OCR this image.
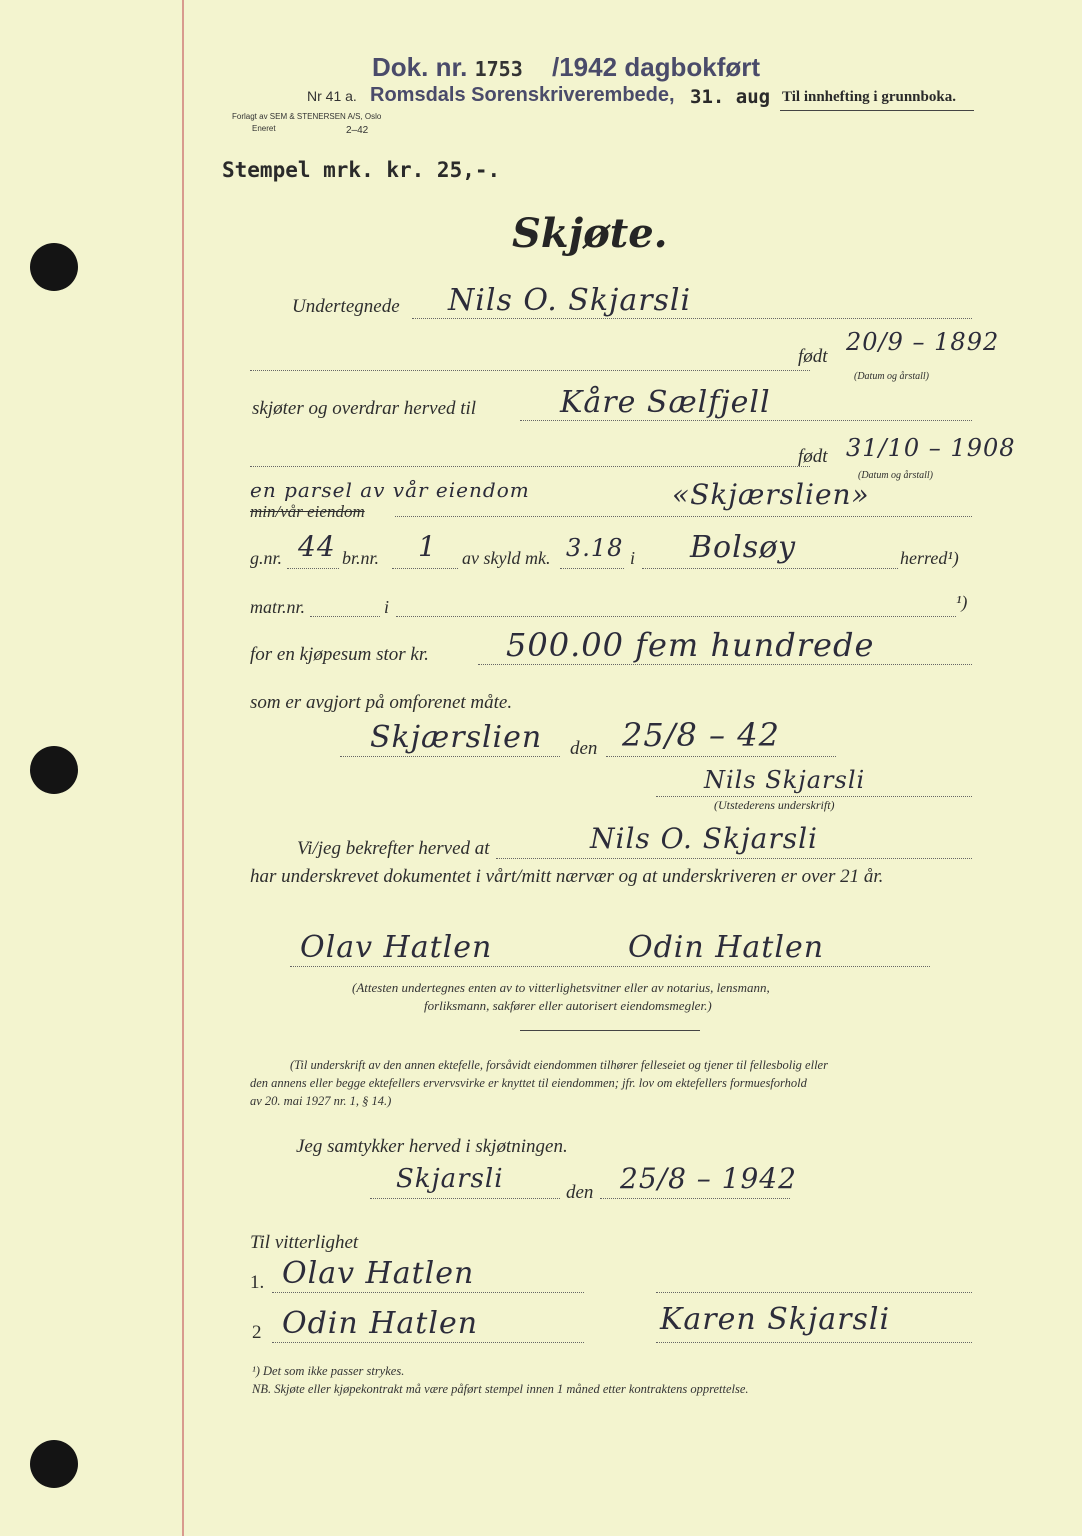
Dok. nr. 1753 /1942 dagbokført
Nr 41 a. Romsdals Sorenskriverembede, 31. aug Til innhefting i grunnboka.
Forlagt av SEM & STENERSEN A/S, Oslo
Eneret	2–42
Stempel mrk. kr. 25,-.
Skjøte.
Undertegnede Nils O. Skjarsli
født
20/9 – 1892
(Datum og årstall)
skjøter og overdrar herved til	Kåre Sælfjell
født 31/10 – 1908
(Datum og årstall)
en parsel av vår eiendom
min/vår eiendom
«Skjærslien»
g.nr. 44 br.nr. 1 av skyld mk. 3.18 i Bolsøy	herred¹)
matr.nr.	i	¹)
for en kjøpesum stor kr. 500.00 fem hundrede
som er avgjort på omforenet måte.
Skjærslien den 25/8 – 42
Nils Skjarsli
(Utstederens underskrift)
Vi/jeg bekrefter herved at	Nils O. Skjarsli
har underskrevet dokumentet i vårt/mitt nærvær og at underskriveren er over 21 år.
Olav Hatlen	Odin Hatlen
(Attesten undertegnes enten av to vitterlighetsvitner eller av notarius, lensmann,
forliksmann, sakfører eller autorisert eiendomsmegler.)
(Til underskrift av den annen ektefelle, forsåvidt eiendommen tilhører felleseiet og tjener til fellesbolig eller
den annens eller begge ektefellers ervervsvirke er knyttet til eiendommen; jfr. lov om ektefellers formuesforhold
av 20. mai 1927 nr. 1, § 14.)
Jeg samtykker herved i skjøtningen.
Skjarsli	den 25/8 – 1942
Til vitterlighet
1. Olav Hatlen
2 Odin Hatlen	Karen Skjarsli
¹) Det som ikke passer strykes.
NB. Skjøte eller kjøpekontrakt må være påført stempel innen 1 måned etter kontraktens opprettelse.
